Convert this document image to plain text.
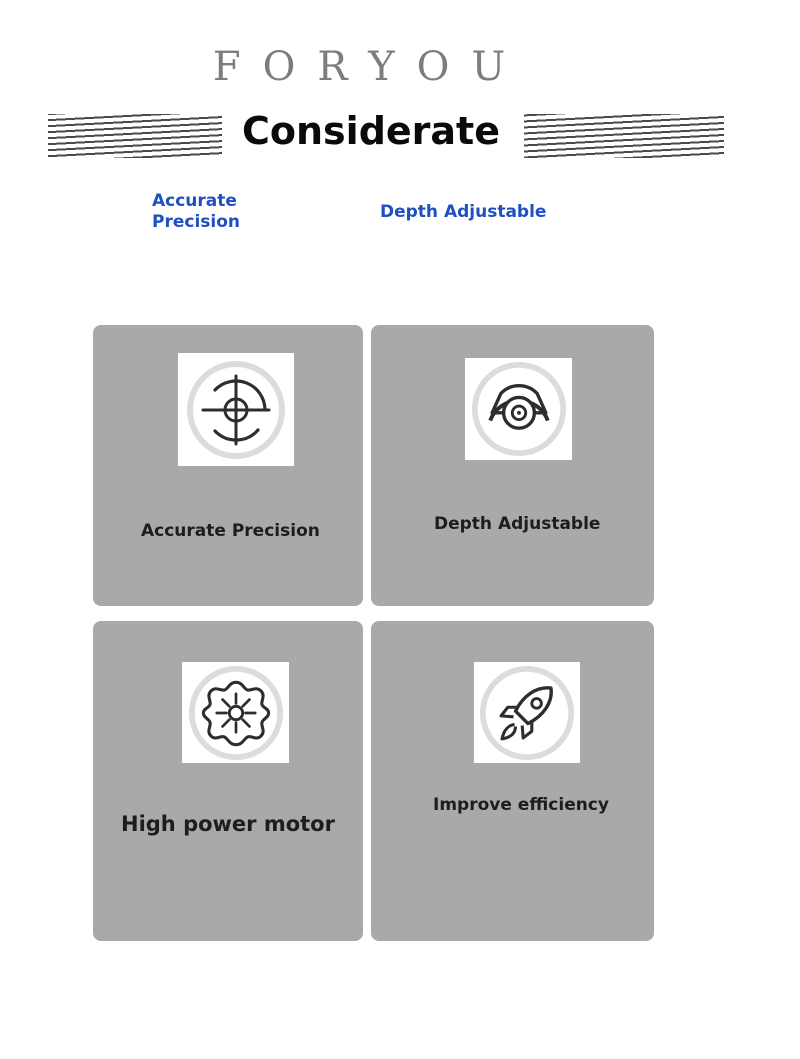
FORYOU
Considerate
Accurate Precision	Depth Adjustable
Accurate Precision	Depth Adjustable
High power motor
Improve efficiency
